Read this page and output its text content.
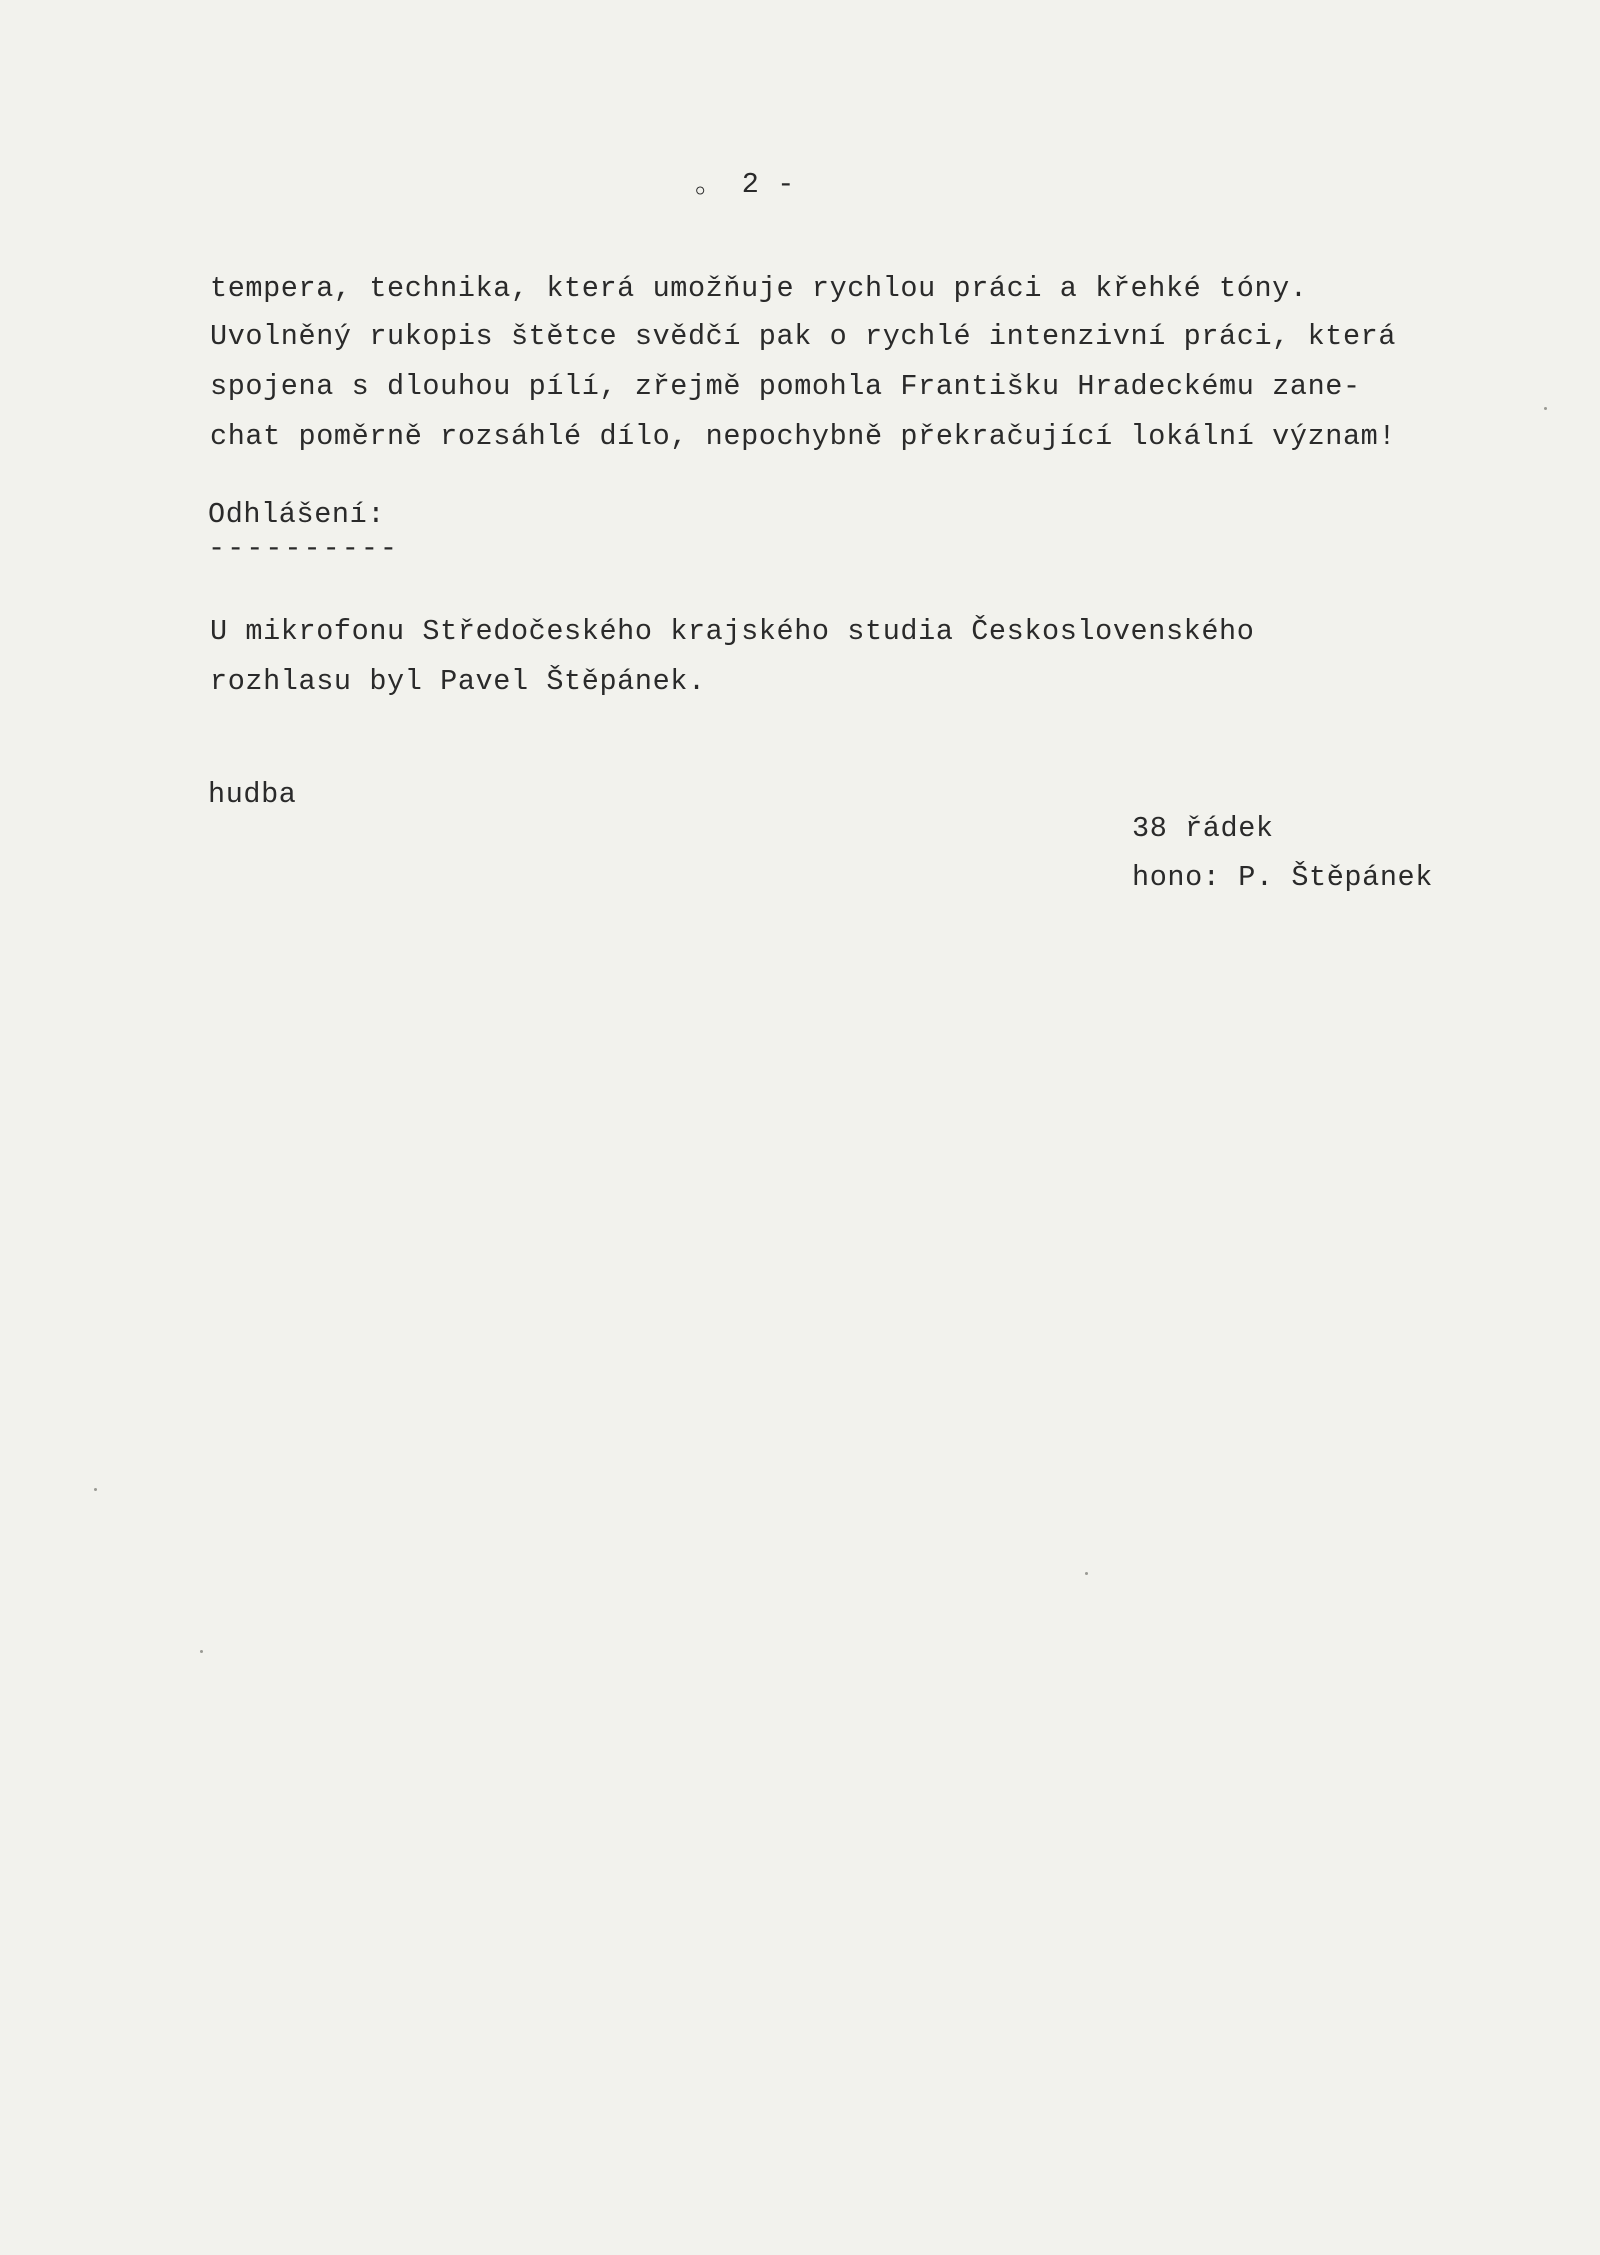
。 2 -
tempera, technika, která umožňuje rychlou práci a křehké tóny.
Uvolněný rukopis štětce svědčí pak o rychlé intenzivní práci, která
spojena s dlouhou pílí, zřejmě pomohla Františku Hradeckému zane-
chat poměrně rozsáhlé dílo, nepochybně překračující lokální význam!
Odhlášení:
----------
U mikrofonu Středočeského krajského studia Československého
rozhlasu byl Pavel Štěpánek.
hudba
38 řádek
hono: P. Štěpánek
